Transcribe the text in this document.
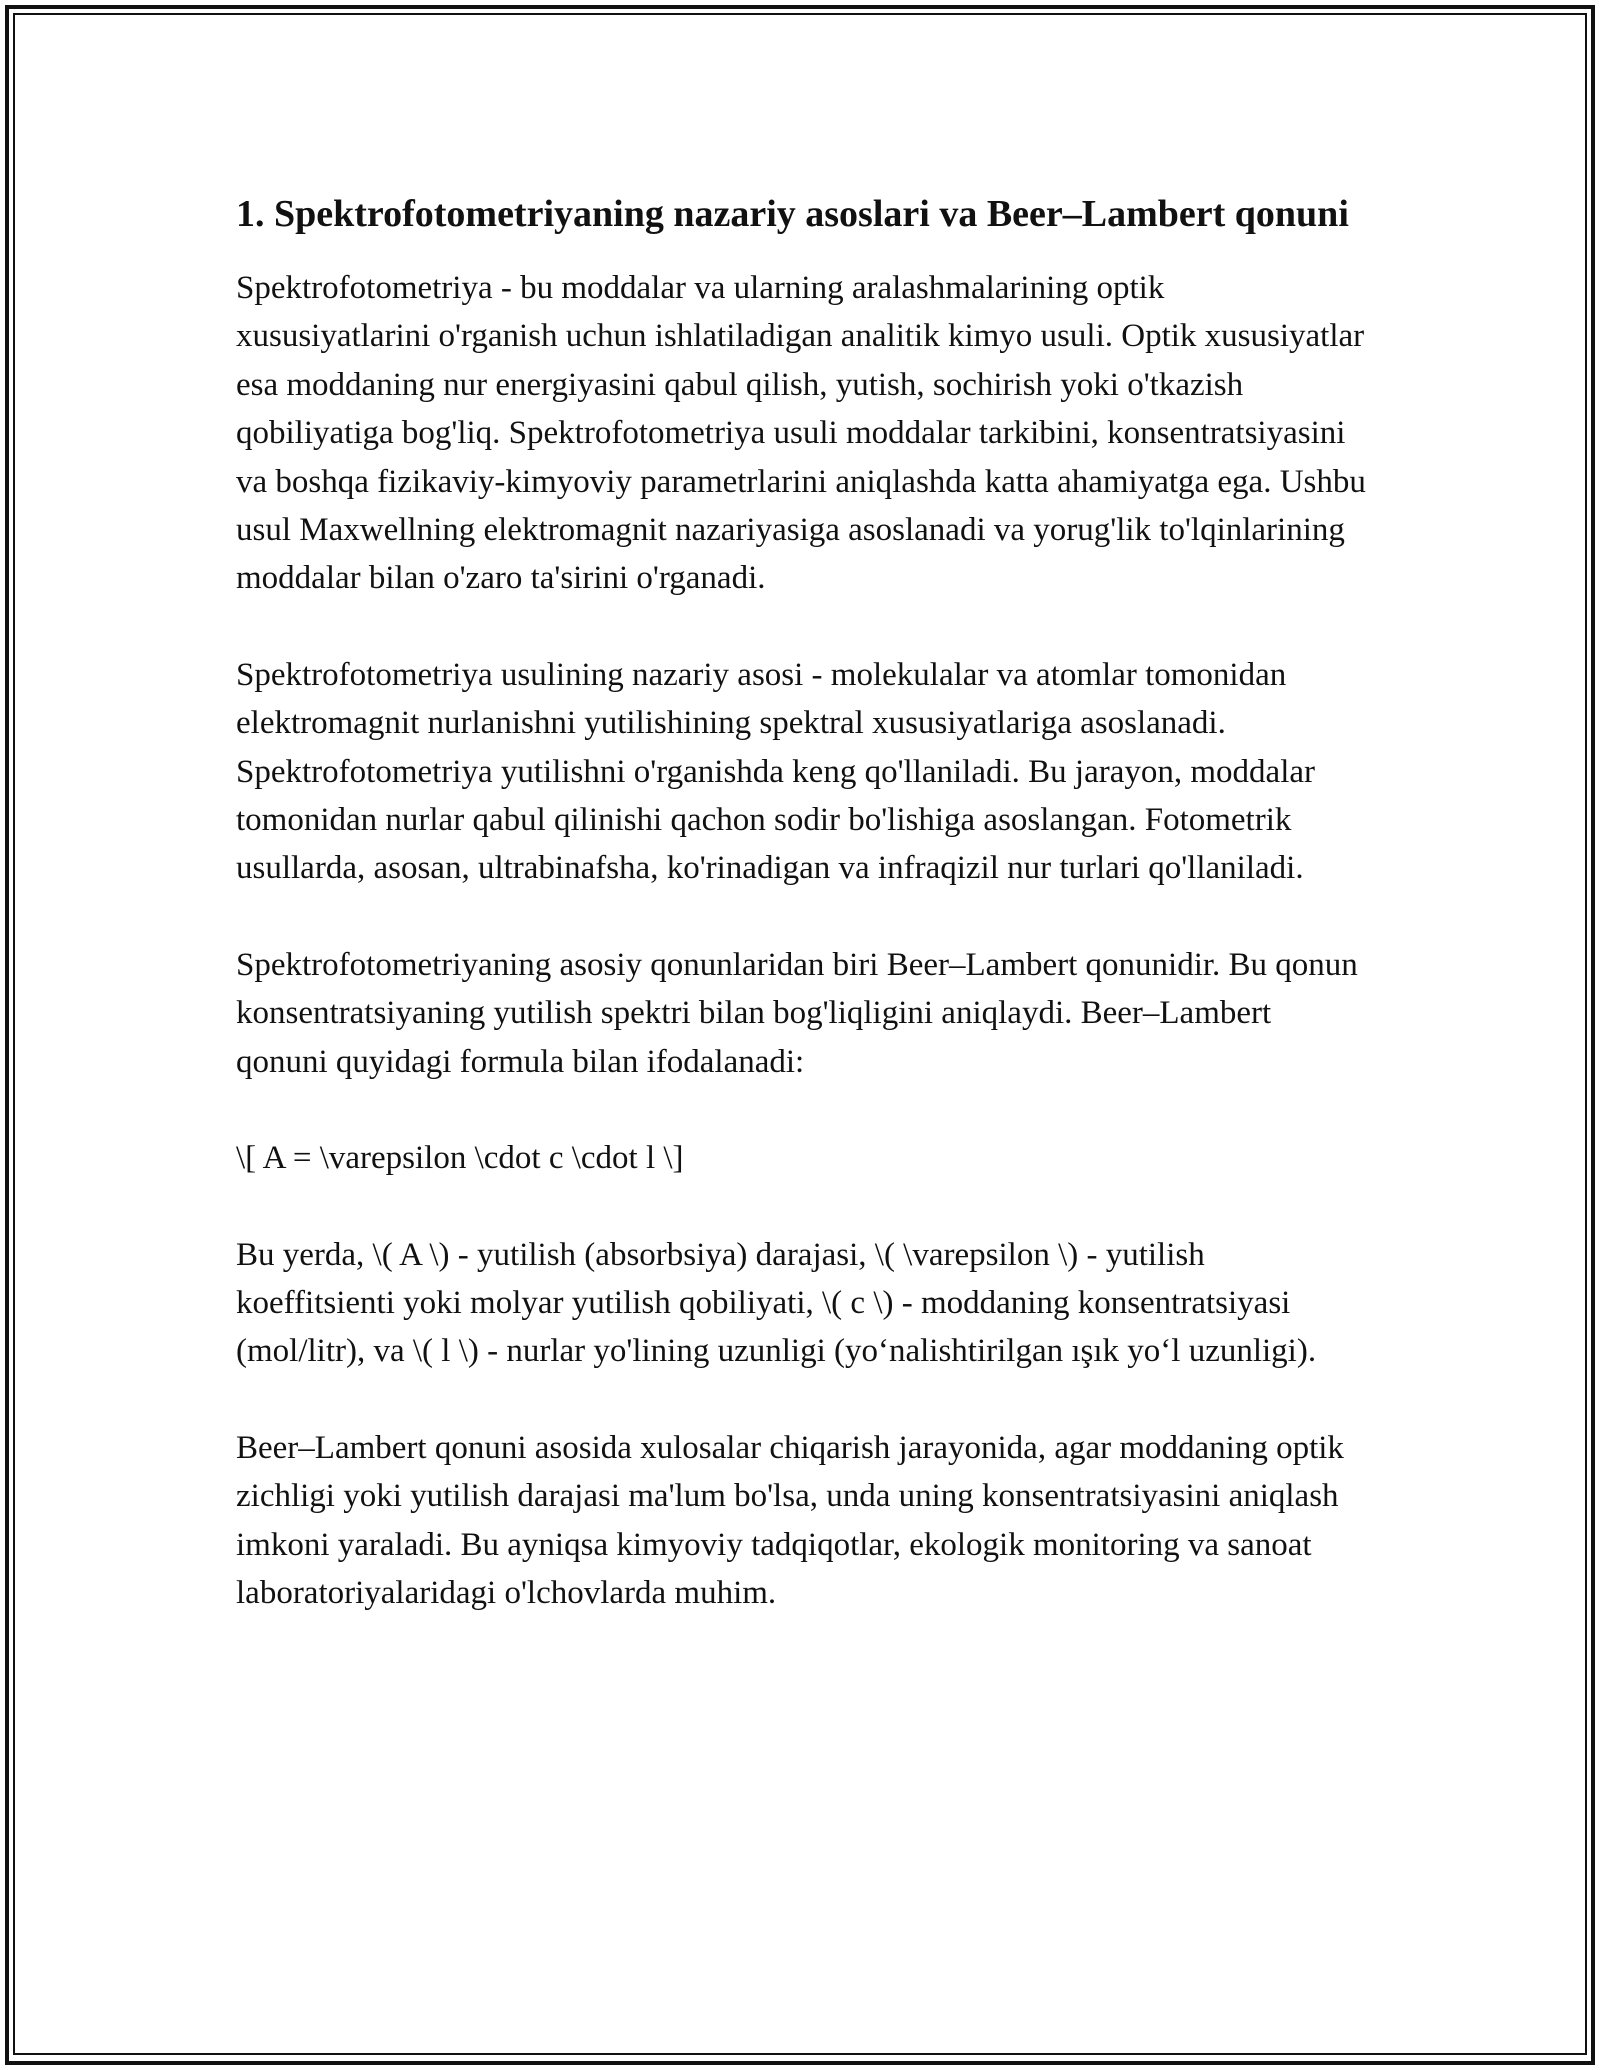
1. Spektrofotometriyaning nazariy asoslari va Beer–Lambert qonuni

Spektrofotometriya - bu moddalar va ularning aralashmalarining optik xususiyatlarini o'rganish uchun ishlatiladigan analitik kimyo usuli. Optik xususiyatlar esa moddaning nur energiyasini qabul qilish, yutish, sochirish yoki o'tkazish qobiliyatiga bog'liq. Spektrofotometriya usuli moddalar tarkibini, konsentratsiyasini va boshqa fizikaviy-kimyoviy parametrlarini aniqlashda katta ahamiyatga ega. Ushbu usul Maxwellning elektromagnit nazariyasiga asoslanadi va yorug'lik to'lqinlarining moddalar bilan o'zaro ta'sirini o'rganadi.

Spektrofotometriya usulining nazariy asosi - molekulalar va atomlar tomonidan elektromagnit nurlanishni yutilishining spektral xususiyatlariga asoslanadi. Spektrofotometriya yutilishni o'rganishda keng qo'llaniladi. Bu jarayon, moddalar tomonidan nurlar qabul qilinishi qachon sodir bo'lishiga asoslangan. Fotometrik usullarda, asosan, ultrabinafsha, ko'rinadigan va infraqizil nur turlari qo'llaniladi.

Spektrofotometriyaning asosiy qonunlaridan biri Beer–Lambert qonunidir. Bu qonun konsentratsiyaning yutilish spektri bilan bog'liqligini aniqlaydi. Beer–Lambert qonuni quyidagi formula bilan ifodalanadi:

\[ A = \varepsilon \cdot c \cdot l \]

Bu yerda, \( A \) - yutilish (absorbsiya) darajasi, \( \varepsilon \) - yutilish koeffitsienti yoki molyar yutilish qobiliyati, \( c \) - moddaning konsentratsiyasi (mol/litr), va \( l \) - nurlar yo'lining uzunligi (yo‘nalishtirilgan ışık yo‘l uzunligi).

Beer–Lambert qonuni asosida xulosalar chiqarish jarayonida, agar moddaning optik zichligi yoki yutilish darajasi ma'lum bo'lsa, unda uning konsentratsiyasini aniqlash imkoni yaraladi. Bu ayniqsa kimyoviy tadqiqotlar, ekologik monitoring va sanoat laboratoriyalaridagi o'lchovlarda muhim.
